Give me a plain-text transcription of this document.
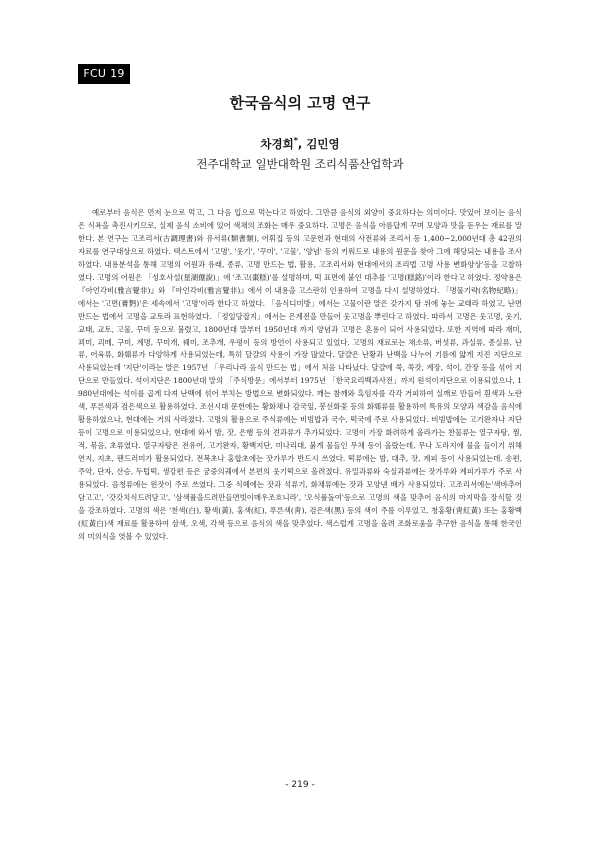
FCU 19
한국음식의 고명 연구
차경희*, 김민영
전주대학교 일반대학원 조리식품산업학과
예로부터 음식은 먼저 눈으로 먹고, 그 다음 입으로 먹는다고 하였다. 그만큼 음식의 외양이 중요하다는 의미이다. 맛있어 보이는 음식은 식욕을 촉진시키므로, 실제 음식 소비에 있어 색채의 조화는 매우 중요하다. 고명은 음식을 아름답게 꾸며 모양과 맛을 돋우는 재료를 말한다. 본 연구는 고조리서(古調理書)와 유서류(類書類), 어휘집 등의 고문헌과 현대의 사전류와 조리서 등 1,400~2,000년대 총 42권의 자료를 연구대상으로 하였다. 텍스트에서 '고명', '웃기', '꾸미', '고물', '양념' 등의 키워드로 내용의 원문을 찾아 그에 해당되는 내용을 조사하였다. 내용분석을 통해 고명의 어원과 유래, 종류, 고명 만드는 법, 활용, 고조리서와 현대에서의 조리법 고명 사용 변화양상'등을 고찰하였다. 고명의 어원은 「성호사설(星湖僿說)」에 '조고(棗糕)'를 설명하며, 떡 표면에 붙인 대추를 '고명(糕銘)'이라 한다고 하였다. 정약용은 『아언각비(雅言覺非)』와 『아언각비(雅言覺非)』에서 이 내용을 고스란히 인용하여 고명을 다시 설명하였다. 「명물기략(名物紀略)」에서는 '고면(膏麪)'은 세속에서 '고명'이라 한다고 하였다. 「음식디미방」에서는 고물이란 말은 갖가지 탕 위에 놓는 교태라 하였고, 난면 만드는 법에서 고명을 교토라 표현하였다. 「정일당잡지」에서는 은계전을 만들어 웃고명을 뿌린다고 하였다. 따라서 고명은 웃고명, 웃기, 교태, 교토, 고물, 꾸미 등으로 불렸고, 1800년대 말부터 1950년대 까지 양념과 고명은 혼용이 되어 사용되었다. 또한 지역에 따라 재미, 꾀미, 괴메, 구미, 계명, 꾸미개, 꿰미, 조추개, 우평이 등의 방언이 사용되고 있었다. 고명의 재료로는 채소류, 버섯류, 과실류, 종실류, 난류, 어육류, 화훼류가 다양하게 사용되었는데, 특히 달걀의 사용이 가장 많았다. 달걀은 난황과 난백을 나누어 기름에 얇게 지진 지단으로 사용되었는데 '지단'이라는 말은 1957년 「우리나라 음식 만드는 법」에서 처음 나타났다. 달걀에 쑥, 쑥갓, 계장, 석이, 간장 등을 섞어 지단으로 만들었다. 석이지단은 1800년대 말의 「주식방문」에서부터 1975년 「한국요리백과사전」까지 원석이지단으로 이용되었으나, 1980년대에는 석이를 곱게 다져 난백에 섞어 부치는 방법으로 변화되었다. 깨는 참깨와 흑임자를 각각 거피하여 실깨로 만들어 흰색과 노란색, 푸른색과 검은색으로 활용하였다. 조선시대 문헌에는 황화채나 감국잎, 봉선화꽃 등의 화훼류를 활용하여 특유의 모양과 색감을 음식에 활용하였으나, 현대에는 거의 사라졌다. 고명의 활용으로 주식류에는 비빔밥과 국수, 떡국에 주로 사용되었다. 비빔밥에는 고기완자나 지단 등이 고명으로 이용되었으나, 현대에 와서 밤, 잣, 은행 등의 견과류가 추가되었다. 고명이 가장 화려하게 올라가는 찬물류는 열구자탕, 찜, 적, 볶음, 초류였다. 열구자탕은 전유어, 고기완자, 황백지단, 미나리대, 붉게 물들인 무채 등이 올랐는데, 무나 도라지에 물을 들이기 위해 연지, 지초, 팬드러미가 활용되었다. 전복초나 홍합초에는 잣가루가 반드시 쓰였다. 떡류에는 밤, 대추, 잣, 계피 등이 사용되었는데. 송편, 주악, 단자, 산승, 두텁떡, 생강편 등은 궁중의궤에서 본편의 웃기떡으로 올려졌다. 유밀과류와 숙실과류에는 잣가루와 계피가루가 주로 사용되었다. 음청류에는 윈잣이 주로 쓰였다. 그중 식혜에는 잣과 석류기, 화채류에는 잣과 모양낸 배가 사용되었다. 고조리서에는'색바추어담고고', '갓갓치식드려담고', '삼색퓰을드려만들면빗이매우조흐니라', '오식퓰돌여'등으로 고명의 색을 맞추어 음식의 마지막을 장식할 것을 강조하였다. 고명의 색은 '천색(白), 황색(黃), 홍색(紅), 푸른색(靑), 검은색(黑) 등의 색이 주를 이루었고, 청홍황(靑紅黃) 또는 홍황백(紅黃白)색 재료를 활용하여 삼색, 오색, 각색 등으로 음식의 색을 맞추었다. 색스럽게 고명을 올려 조화로움을 추구한 음식을 통해 한국인의 미의식을 엿볼 수 있었다.
- 219 -
